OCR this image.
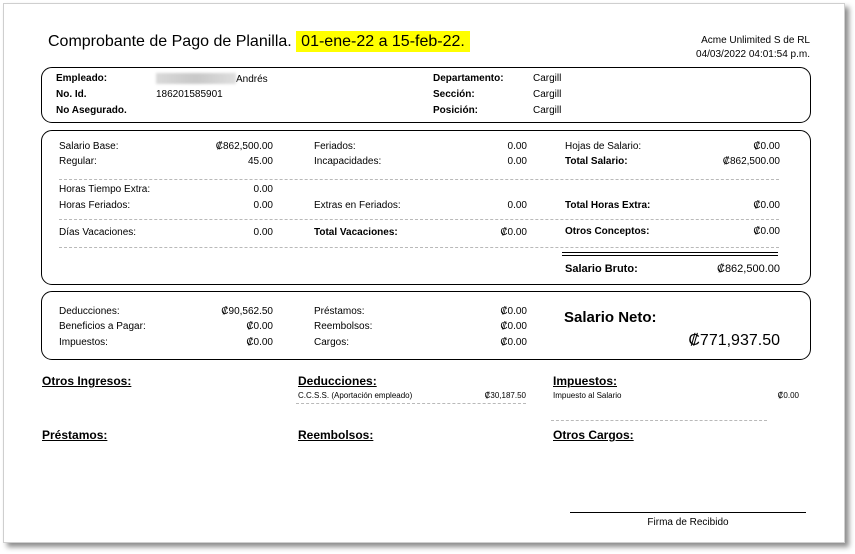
Comprobante de Pago de Planilla. 01-ene-22 a 15-feb-22.	Acme Unlimited S de RL
04/03/2022 04:01:54 p.m.
Empleado:	Andrés
No. Id.	186201585901
No Asegurado.
Departamento:	Cargill
Sección:	Cargill
Posición:	Cargill
Salario Base:	₡862,500.00
Regular:	45.00
Horas Tiempo Extra:	0.00
Horas Feriados:	0.00
Días Vacaciones:	0.00
Feriados:	0.00
Incapacidades:	0.00
Extras en Feriados:	0.00
Total Vacaciones:	₡0.00
Hojas de Salario:	₡0.00
Total Salario:	₡862,500.00
Total Horas Extra:	₡0.00
Otros Conceptos:	₡0.00
Salario Bruto:	₡862,500.00
Deducciones:	₡90,562.50
Beneficios a Pagar:	₡0.00
Impuestos:	₡0.00
Préstamos:	₡0.00
Reembolsos:	₡0.00
Cargos:	₡0.00
Salario Neto:
₡771,937.50
Otros Ingresos:	Deducciones:	Impuestos:
C.C.S.S. (Aportación empleado)	₡30,187.50	Impuesto al Salario	₡0.00
Préstamos:	Reembolsos:	Otros Cargos:
Firma de Recibido
